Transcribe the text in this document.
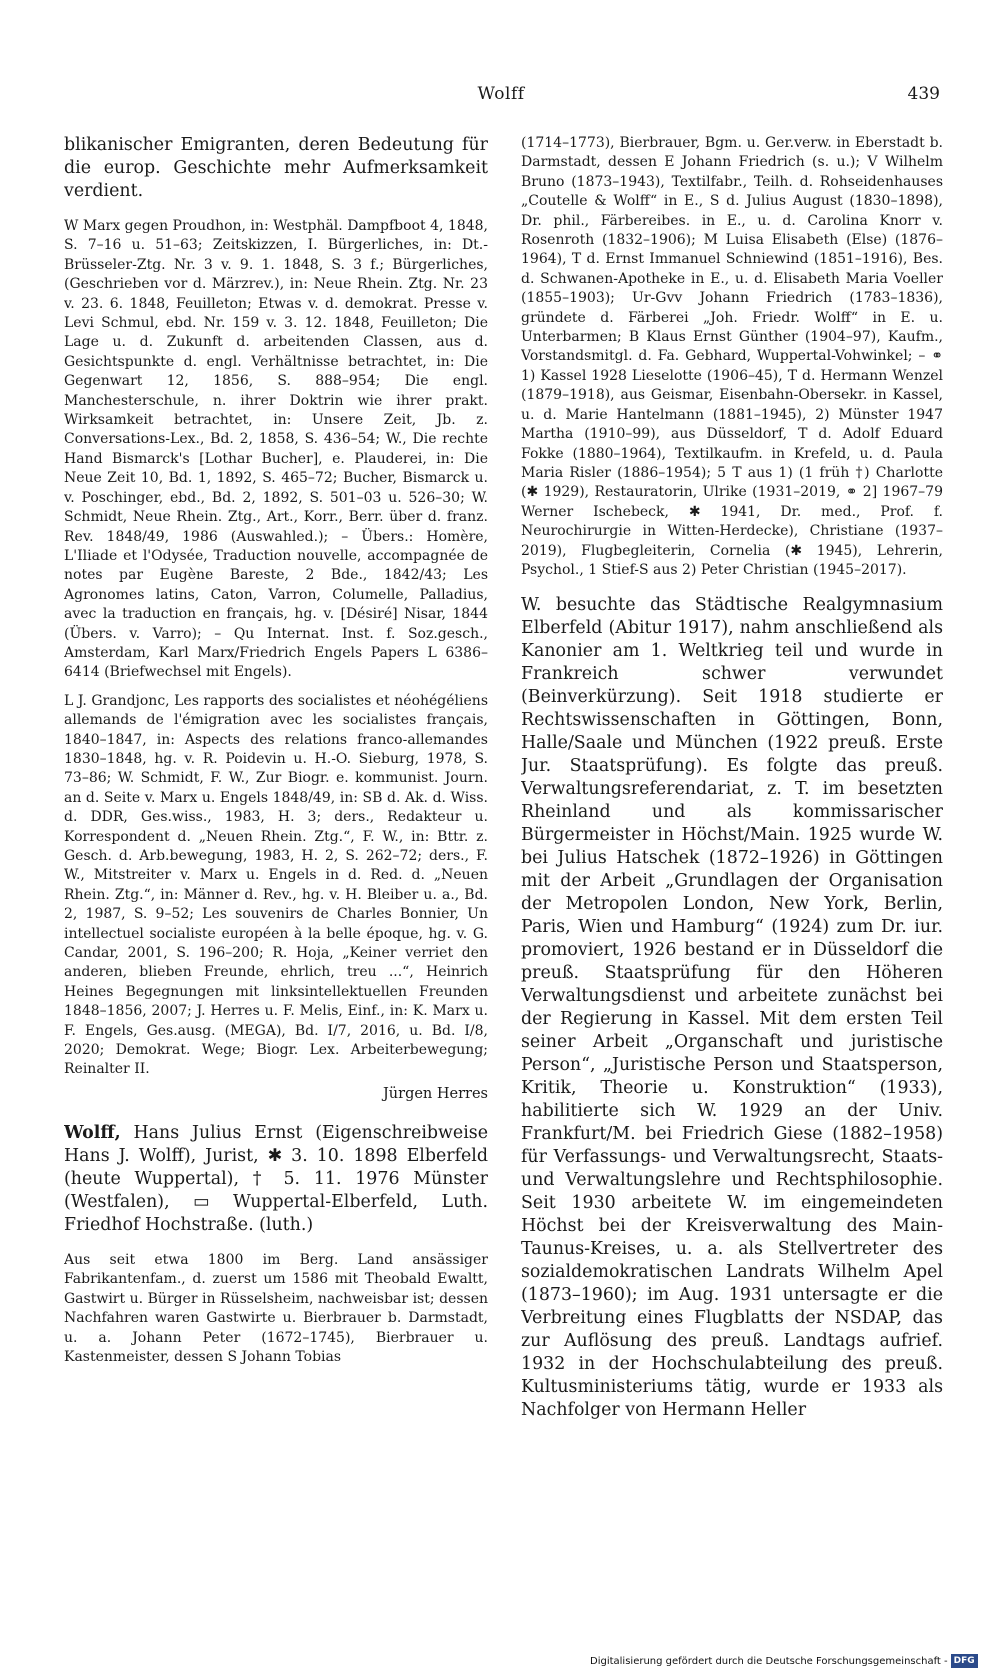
Wolff	439

blikanischer Emigranten, deren Bedeutung für die europ. Geschichte mehr Aufmerksamkeit verdient.

W Marx gegen Proudhon, in: Westphäl. Dampfboot 4, 1848, S. 7–16 u. 51–63; Zeitskizzen, I. Bürgerliches, in: Dt.-Brüsseler-Ztg. Nr. 3 v. 9. 1. 1848, S. 3 f.; Bürgerliches, (Geschrieben vor d. Märzrev.), in: Neue Rhein. Ztg. Nr. 23 v. 23. 6. 1848, Feuilleton; Etwas v. d. demokrat. Presse v. Levi Schmul, ebd. Nr. 159 v. 3. 12. 1848, Feuilleton; Die Lage u. d. Zukunft d. arbeitenden Classen, aus d. Gesichtspunkte d. engl. Verhältnisse betrachtet, in: Die Gegenwart 12, 1856, S. 888–954; Die engl. Manchesterschule, n. ihrer Doktrin wie ihrer prakt. Wirksamkeit betrachtet, in: Unsere Zeit, Jb. z. Conversations-Lex., Bd. 2, 1858, S. 436–54; W., Die rechte Hand Bismarck's [Lothar Bucher], e. Plauderei, in: Die Neue Zeit 10, Bd. 1, 1892, S. 465–72; Bucher, Bismarck u. v. Poschinger, ebd., Bd. 2, 1892, S. 501–03 u. 526–30; W. Schmidt, Neue Rhein. Ztg., Art., Korr., Berr. über d. franz. Rev. 1848/49, 1986 (Auswahled.); – Übers.: Homère, L'Iliade et l'Odysée, Traduction nouvelle, accompagnée de notes par Eugène Bareste, 2 Bde., 1842/43; Les Agronomes latins, Caton, Varron, Columelle, Palladius, avec la traduction en français, hg. v. [Désiré] Nisar, 1844 (Übers. v. Varro); – Qu Internat. Inst. f. Soz.gesch., Amsterdam, Karl Marx/Friedrich Engels Papers L 6386–6414 (Briefwechsel mit Engels).

L J. Grandjonc, Les rapports des socialistes et néohégéliens allemands de l'émigration avec les socialistes français, 1840–1847, in: Aspects des relations franco-allemandes 1830–1848, hg. v. R. Poidevin u. H.-O. Sieburg, 1978, S. 73–86; W. Schmidt, F. W., Zur Biogr. e. kommunist. Journ. an d. Seite v. Marx u. Engels 1848/49, in: SB d. Ak. d. Wiss. d. DDR, Ges.wiss., 1983, H. 3; ders., Redakteur u. Korrespondent d. „Neuen Rhein. Ztg.“, F. W., in: Bttr. z. Gesch. d. Arb.bewegung, 1983, H. 2, S. 262–72; ders., F. W., Mitstreiter v. Marx u. Engels in d. Red. d. „Neuen Rhein. Ztg.“, in: Männer d. Rev., hg. v. H. Bleiber u. a., Bd. 2, 1987, S. 9–52; Les souvenirs de Charles Bonnier, Un intellectuel socialiste européen à la belle époque, hg. v. G. Candar, 2001, S. 196–200; R. Hoja, „Keiner verriet den anderen, blieben Freunde, ehrlich, treu ...“, Heinrich Heines Begegnungen mit linksintellektuellen Freunden 1848–1856, 2007; J. Herres u. F. Melis, Einf., in: K. Marx u. F. Engels, Ges.ausg. (MEGA), Bd. I/7, 2016, u. Bd. I/8, 2020; Demokrat. Wege; Biogr. Lex. Arbeiterbewegung; Reinalter II.

Jürgen Herres

Wolff, Hans Julius Ernst (Eigenschreibweise Hans J. Wolff), Jurist, ✱ 3. 10. 1898 Elberfeld (heute Wuppertal), † 5. 11. 1976 Münster (Westfalen), ▭ Wuppertal-Elberfeld, Luth. Friedhof Hochstraße. (luth.)

Aus seit etwa 1800 im Berg. Land ansässiger Fabrikantenfam., d. zuerst um 1586 mit Theobald Ewaltt, Gastwirt u. Bürger in Rüsselsheim, nachweisbar ist; dessen Nachfahren waren Gastwirte u. Bierbrauer b. Darmstadt, u. a. Johann Peter (1672–1745), Bierbrauer u. Kastenmeister, dessen S Johann Tobias

(1714–1773), Bierbrauer, Bgm. u. Ger.verw. in Eberstadt b. Darmstadt, dessen E Johann Friedrich (s. u.); V Wilhelm Bruno (1873–1943), Textilfabr., Teilh. d. Rohseidenhauses „Coutelle & Wolff“ in E., S d. Julius August (1830–1898), Dr. phil., Färbereibes. in E., u. d. Carolina Knorr v. Rosenroth (1832–1906); M Luisa Elisabeth (Else) (1876–1964), T d. Ernst Immanuel Schniewind (1851–1916), Bes. d. Schwanen-Apotheke in E., u. d. Elisabeth Maria Voeller (1855–1903); Ur-Gvv Johann Friedrich (1783–1836), gründete d. Färberei „Joh. Friedr. Wolff“ in E. u. Unterbarmen; B Klaus Ernst Günther (1904–97), Kaufm., Vorstandsmitgl. d. Fa. Gebhard, Wuppertal-Vohwinkel; – ⚭ 1) Kassel 1928 Lieselotte (1906–45), T d. Hermann Wenzel (1879–1918), aus Geismar, Eisenbahn-Obersekr. in Kassel, u. d. Marie Hantelmann (1881–1945), 2) Münster 1947 Martha (1910–99), aus Düsseldorf, T d. Adolf Eduard Fokke (1880–1964), Textilkaufm. in Krefeld, u. d. Paula Maria Risler (1886–1954); 5 T aus 1) (1 früh †) Charlotte (✱ 1929), Restauratorin, Ulrike (1931–2019, ⚭ 2] 1967–79 Werner Ischebeck, ✱ 1941, Dr. med., Prof. f. Neurochirurgie in Witten-Herdecke), Christiane (1937–2019), Flugbegleiterin, Cornelia (✱ 1945), Lehrerin, Psychol., 1 Stief-S aus 2) Peter Christian (1945–2017).

W. besuchte das Städtische Realgymnasium Elberfeld (Abitur 1917), nahm anschließend als Kanonier am 1. Weltkrieg teil und wurde in Frankreich schwer verwundet (Beinverkürzung). Seit 1918 studierte er Rechtswissenschaften in Göttingen, Bonn, Halle/Saale und München (1922 preuß. Erste Jur. Staatsprüfung). Es folgte das preuß. Verwaltungsreferendariat, z. T. im besetzten Rheinland und als kommissarischer Bürgermeister in Höchst/Main. 1925 wurde W. bei Julius Hatschek (1872–1926) in Göttingen mit der Arbeit „Grundlagen der Organisation der Metropolen London, New York, Berlin, Paris, Wien und Hamburg“ (1924) zum Dr. iur. promoviert, 1926 bestand er in Düsseldorf die preuß. Staatsprüfung für den Höheren Verwaltungsdienst und arbeitete zunächst bei der Regierung in Kassel. Mit dem ersten Teil seiner Arbeit „Organschaft und juristische Person“, „Juristische Person und Staatsperson, Kritik, Theorie u. Konstruktion“ (1933), habilitierte sich W. 1929 an der Univ. Frankfurt/M. bei Friedrich Giese (1882–1958) für Verfassungs- und Verwaltungsrecht, Staats- und Verwaltungslehre und Rechtsphilosophie. Seit 1930 arbeitete W. im eingemeindeten Höchst bei der Kreisverwaltung des Main-Taunus-Kreises, u. a. als Stellvertreter des sozialdemokratischen Landrats Wilhelm Apel (1873–1960); im Aug. 1931 untersagte er die Verbreitung eines Flugblatts der NSDAP, das zur Auflösung des preuß. Landtags aufrief. 1932 in der Hochschulabteilung des preuß. Kultusministeriums tätig, wurde er 1933 als Nachfolger von Hermann Heller

Digitalisierung gefördert durch die Deutsche Forschungsgemeinschaft - DFG
